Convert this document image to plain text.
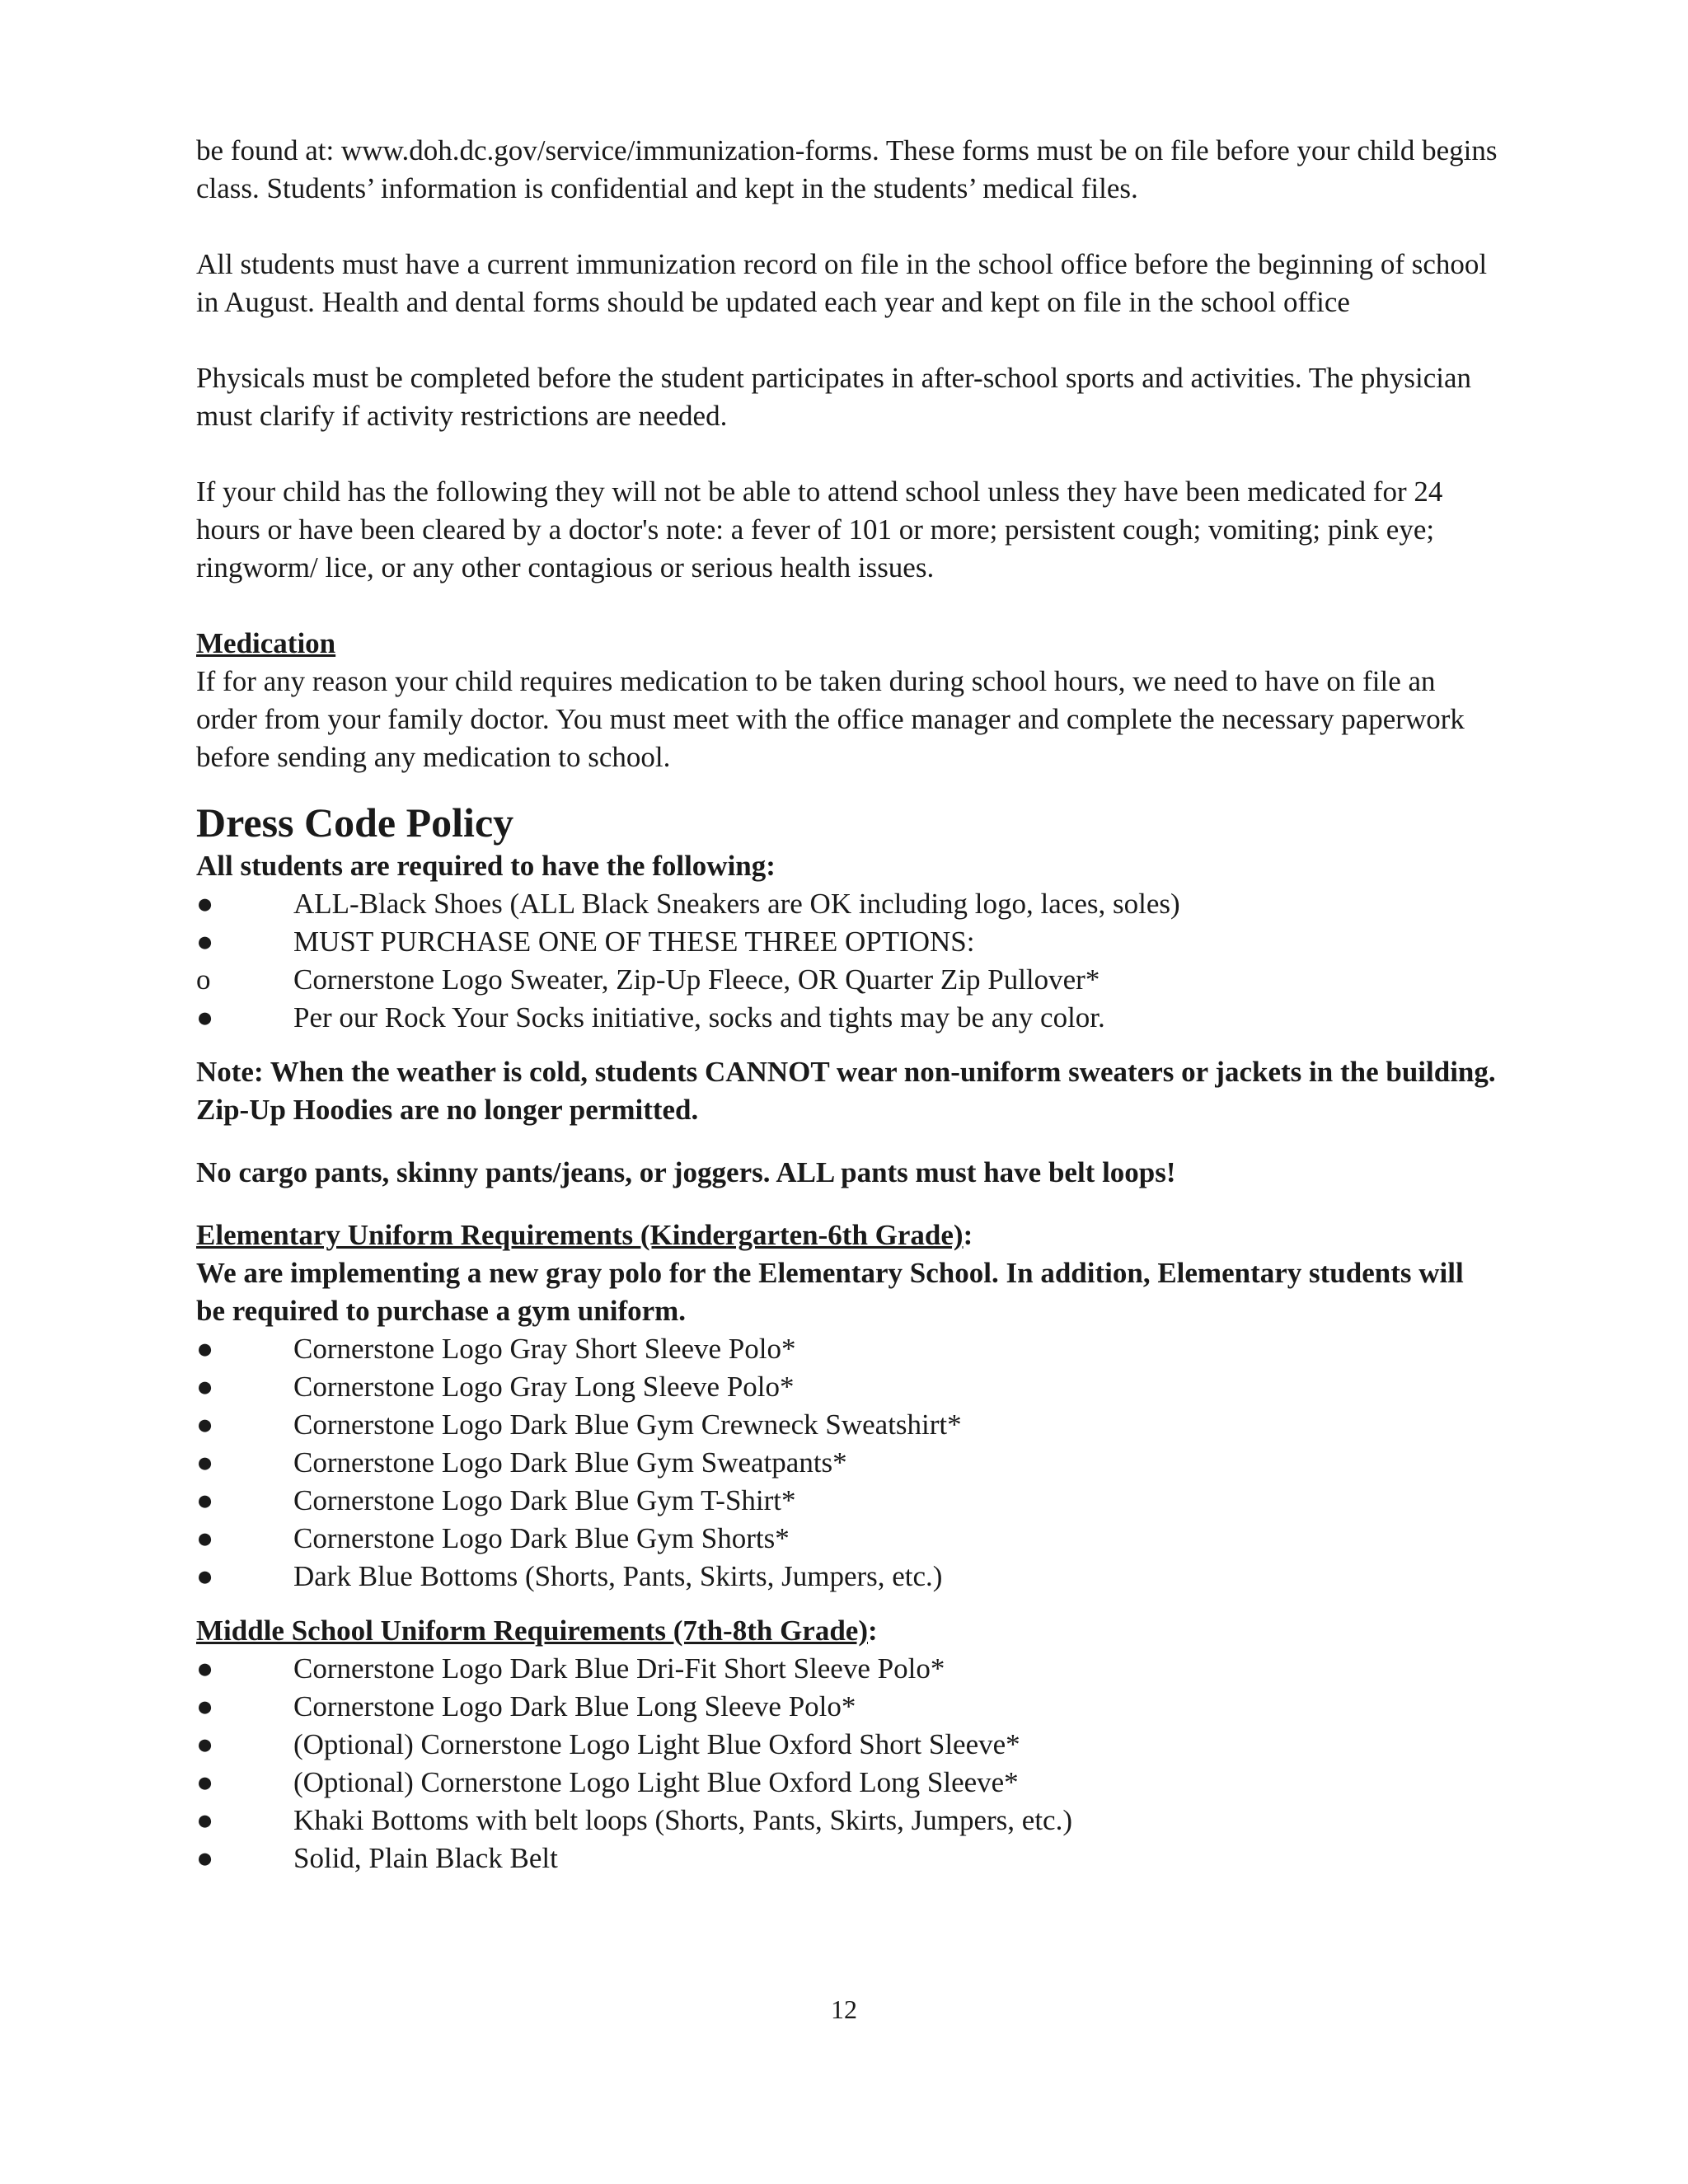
be found at: www.doh.dc.gov/service/immunization-forms. These forms must be on file before your child begins class. Students’ information is confidential and kept in the students’ medical files.

All students must have a current immunization record on file in the school office before the beginning of school in August. Health and dental forms should be updated each year and kept on file in the school office

Physicals must be completed before the student participates in after-school sports and activities. The physician must clarify if activity restrictions are needed.

If your child has the following they will not be able to attend school unless they have been medicated for 24 hours or have been cleared by a doctor's note: a fever of 101 or more; persistent cough; vomiting; pink eye; ringworm/ lice, or any other contagious or serious health issues.

Medication

If for any reason your child requires medication to be taken during school hours, we need to have on file an order from your family doctor. You must meet with the office manager and complete the necessary paperwork before sending any medication to school.

Dress Code Policy

All students are required to have the following:

●	ALL-Black Shoes (ALL Black Sneakers are OK including logo, laces, soles)
●	MUST PURCHASE ONE OF THESE THREE OPTIONS:
o	Cornerstone Logo Sweater, Zip-Up Fleece, OR Quarter Zip Pullover*
●	Per our Rock Your Socks initiative, socks and tights may be any color.

Note: When the weather is cold, students CANNOT wear non-uniform sweaters or jackets in the building. Zip-Up Hoodies are no longer permitted.

No cargo pants, skinny pants/jeans, or joggers. ALL pants must have belt loops!

Elementary Uniform Requirements (Kindergarten-6th Grade):

We are implementing a new gray polo for the Elementary School. In addition, Elementary students will be required to purchase a gym uniform.

●	Cornerstone Logo Gray Short Sleeve Polo*
●	Cornerstone Logo Gray Long Sleeve Polo*
●	Cornerstone Logo Dark Blue Gym Crewneck Sweatshirt*
●	Cornerstone Logo Dark Blue Gym Sweatpants*
●	Cornerstone Logo Dark Blue Gym T-Shirt*
●	Cornerstone Logo Dark Blue Gym Shorts*
●	Dark Blue Bottoms (Shorts, Pants, Skirts, Jumpers, etc.)

Middle School Uniform Requirements (7th-8th Grade):

●	Cornerstone Logo Dark Blue Dri-Fit Short Sleeve Polo*
●	Cornerstone Logo Dark Blue Long Sleeve Polo*
●	(Optional) Cornerstone Logo Light Blue Oxford Short Sleeve*
●	(Optional) Cornerstone Logo Light Blue Oxford Long Sleeve*
●	Khaki Bottoms with belt loops (Shorts, Pants, Skirts, Jumpers, etc.)
●	Solid, Plain Black Belt
12
